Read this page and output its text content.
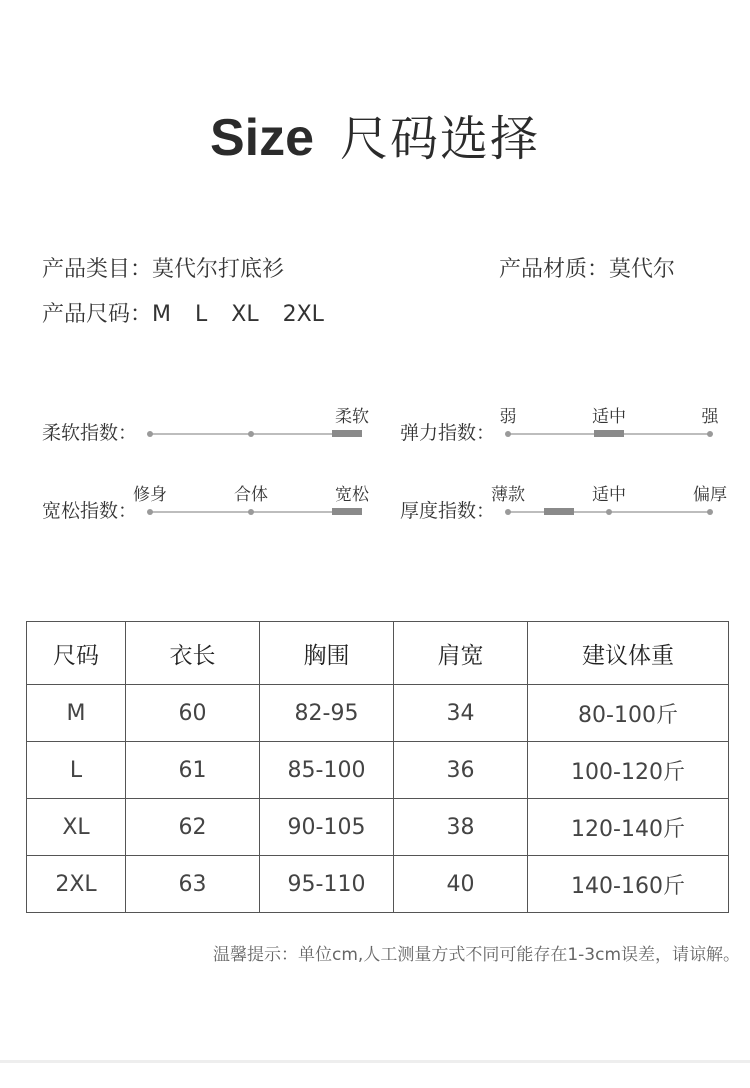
Size 尺码选择
产品类目：莫代尔打底衫	产品材质：莫代尔
产品尺码：M L XL 2XL
柔软指数：
柔软
弹力指数：
弱	适中	强
宽松指数：
修身	合体	宽松
厚度指数：
薄款	适中	偏厚
尺码	衣长	胸围	肩宽	建议体重
M	60	82-95	34	80-100斤
L	61	85-100	36	100-120斤
XL	62	90-105	38	120-140斤
2XL	63	95-110	40	140-160斤
温馨提示：单位cm,人工测量方式不同可能存在1-3cm误差，请谅解。
